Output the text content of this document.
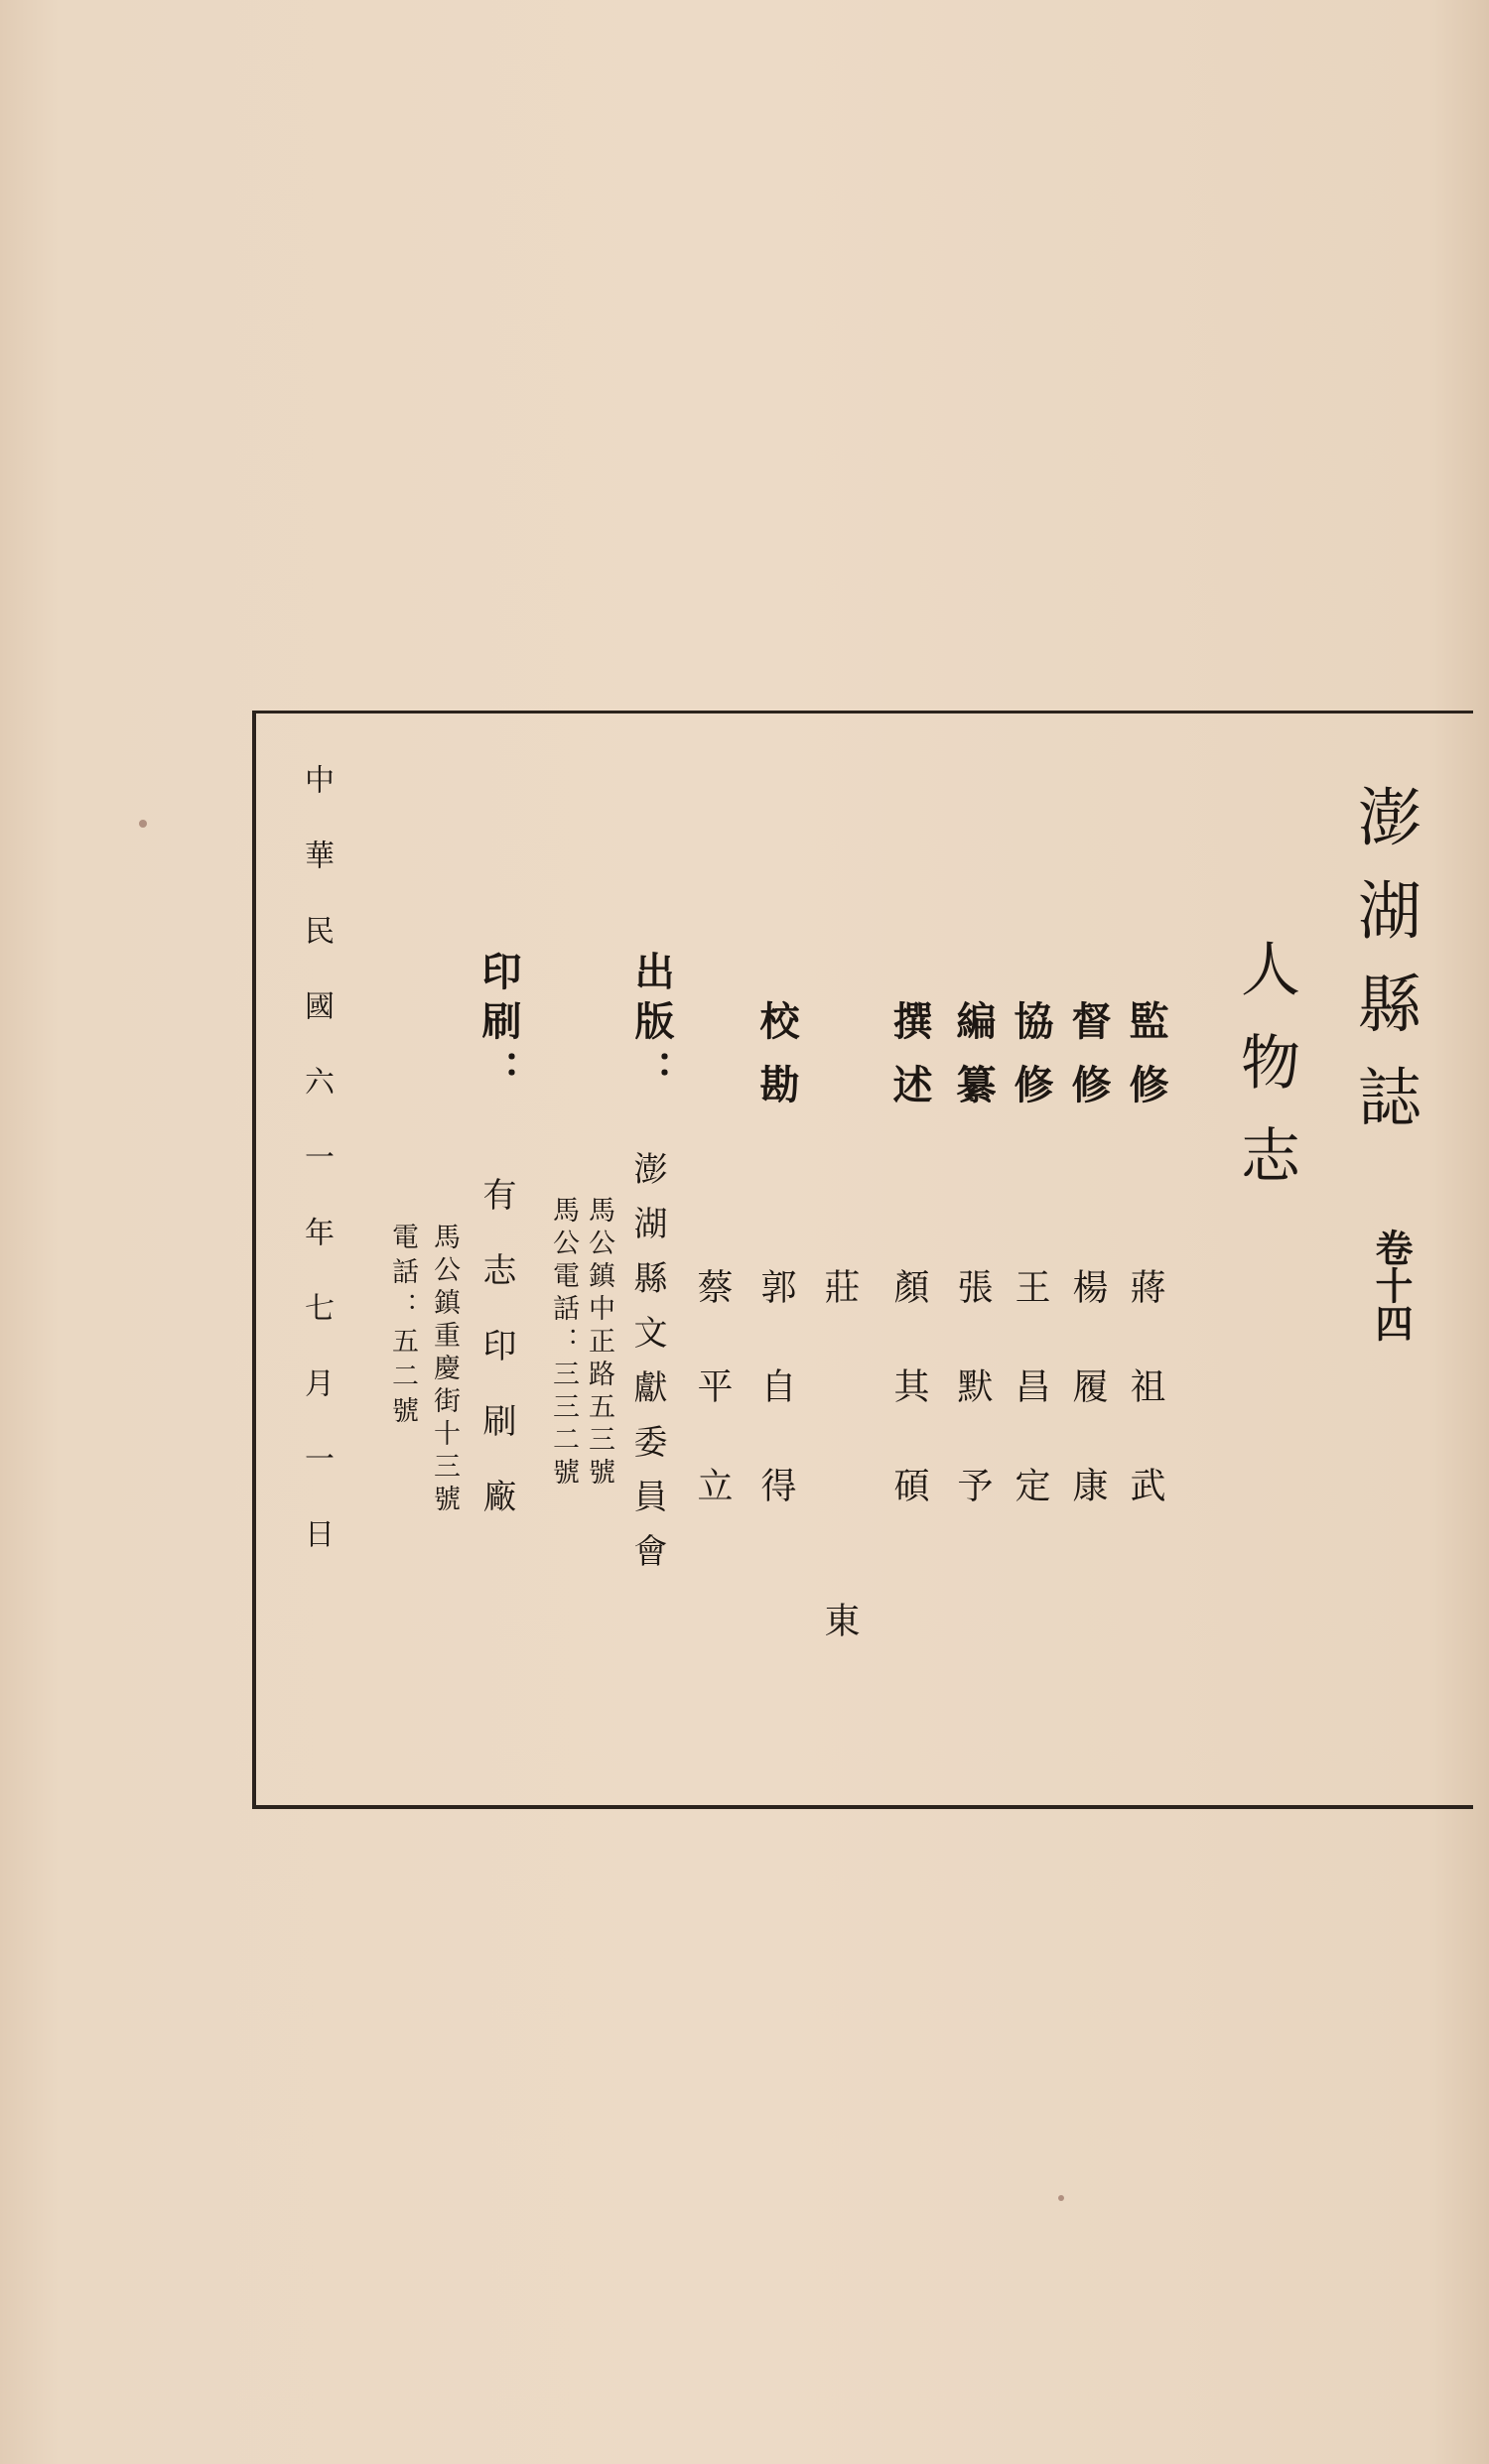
澎湖縣誌
卷十四
人物志
監修
督修
協修
編纂
撰述
校勘
蔣祖武
楊履康
王昌定
張默予
顏其碩
莊東
郭自得
蔡平立
出版：
澎湖縣文獻委員會
馬公鎮中正路五三號
馬公電話：三三二號
印刷：
有志印刷廠
馬公鎮重慶街十三號
電話：五二號
中華民國六一年七月一日
